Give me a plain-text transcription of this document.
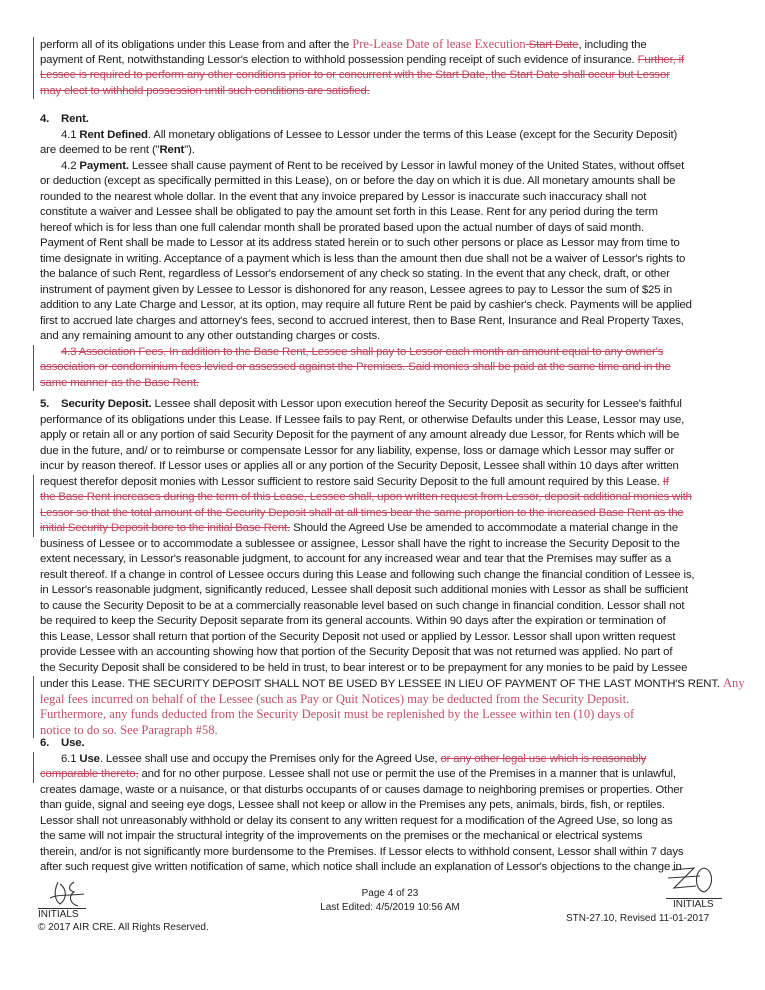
perform all of its obligations under this Lease from and after the Pre-Lease Date of lease Execution Start Date, including the
payment of Rent, notwithstanding Lessor's election to withhold possession pending receipt of such evidence of insurance. Further, if
Lessee is required to perform any other conditions prior to or concurrent with the Start Date, the Start Date shall occur but Lessor
may elect to withhold possession until such conditions are satisfied.
4. Rent.
4.1 Rent Defined. All monetary obligations of Lessee to Lessor under the terms of this Lease (except for the Security Deposit)
are deemed to be rent ("Rent").
4.2 Payment. Lessee shall cause payment of Rent to be received by Lessor in lawful money of the United States, without offset
or deduction (except as specifically permitted in this Lease), on or before the day on which it is due. All monetary amounts shall be
rounded to the nearest whole dollar. In the event that any invoice prepared by Lessor is inaccurate such inaccuracy shall not
constitute a waiver and Lessee shall be obligated to pay the amount set forth in this Lease. Rent for any period during the term
hereof which is for less than one full calendar month shall be prorated based upon the actual number of days of said month.
Payment of Rent shall be made to Lessor at its address stated herein or to such other persons or place as Lessor may from time to
time designate in writing. Acceptance of a payment which is less than the amount then due shall not be a waiver of Lessor's rights to
the balance of such Rent, regardless of Lessor's endorsement of any check so stating. In the event that any check, draft, or other
instrument of payment given by Lessee to Lessor is dishonored for any reason, Lessee agrees to pay to Lessor the sum of $25 in
addition to any Late Charge and Lessor, at its option, may require all future Rent be paid by cashier's check. Payments will be applied
first to accrued late charges and attorney's fees, second to accrued interest, then to Base Rent, Insurance and Real Property Taxes,
and any remaining amount to any other outstanding charges or costs.
4.3 Association Fees. In addition to the Base Rent, Lessee shall pay to Lessor each month an amount equal to any owner's
association or condominium fees levied or assessed against the Premises. Said monies shall be paid at the same time and in the
same manner as the Base Rent.
5. Security Deposit. Lessee shall deposit with Lessor upon execution hereof the Security Deposit as security for Lessee's faithful
performance of its obligations under this Lease. If Lessee fails to pay Rent, or otherwise Defaults under this Lease, Lessor may use,
apply or retain all or any portion of said Security Deposit for the payment of any amount already due Lessor, for Rents which will be
due in the future, and/ or to reimburse or compensate Lessor for any liability, expense, loss or damage which Lessor may suffer or
incur by reason thereof. If Lessor uses or applies all or any portion of the Security Deposit, Lessee shall within 10 days after written
request therefor deposit monies with Lessor sufficient to restore said Security Deposit to the full amount required by this Lease. If
the Base Rent increases during the term of this Lease, Lessee shall, upon written request from Lessor, deposit additional monies with
Lessor so that the total amount of the Security Deposit shall at all times bear the same proportion to the increased Base Rent as the
initial Security Deposit bore to the initial Base Rent. Should the Agreed Use be amended to accommodate a material change in the
business of Lessee or to accommodate a sublessee or assignee, Lessor shall have the right to increase the Security Deposit to the
extent necessary, in Lessor's reasonable judgment, to account for any increased wear and tear that the Premises may suffer as a
result thereof. If a change in control of Lessee occurs during this Lease and following such change the financial condition of Lessee is,
in Lessor's reasonable judgment, significantly reduced, Lessee shall deposit such additional monies with Lessor as shall be sufficient
to cause the Security Deposit to be at a commercially reasonable level based on such change in financial condition. Lessor shall not
be required to keep the Security Deposit separate from its general accounts. Within 90 days after the expiration or termination of
this Lease, Lessor shall return that portion of the Security Deposit not used or applied by Lessor. Lessor shall upon written request
provide Lessee with an accounting showing how that portion of the Security Deposit that was not returned was applied. No part of
the Security Deposit shall be considered to be held in trust, to bear interest or to be prepayment for any monies to be paid by Lessee
under this Lease. THE SECURITY DEPOSIT SHALL NOT BE USED BY LESSEE IN LIEU OF PAYMENT OF THE LAST MONTH'S RENT. Any
legal fees incurred on behalf of the Lessee (such as Pay or Quit Notices) may be deducted from the Security Deposit.
Furthermore, any funds deducted from the Security Deposit must be replenished by the Lessee within ten (10) days of
notice to do so. See Paragraph #58.
6. Use.
6.1 Use. Lessee shall use and occupy the Premises only for the Agreed Use, or any other legal use which is reasonably
comparable thereto, and for no other purpose. Lessee shall not use or permit the use of the Premises in a manner that is unlawful,
creates damage, waste or a nuisance, or that disturbs occupants of or causes damage to neighboring premises or properties. Other
than guide, signal and seeing eye dogs, Lessee shall not keep or allow in the Premises any pets, animals, birds, fish, or reptiles.
Lessor shall not unreasonably withhold or delay its consent to any written request for a modification of the Agreed Use, so long as
the same will not impair the structural integrity of the improvements on the premises or the mechanical or electrical systems
therein, and/or is not significantly more burdensome to the Premises. If Lessor elects to withhold consent, Lessor shall within 7 days
after such request give written notification of same, which notice shall include an explanation of Lessor's objections to the change in
INITIALS
© 2017 AIR CRE. All Rights Reserved.
Page 4 of 23
Last Edited: 4/5/2019 10:56 AM	INITIALS
STN-27.10, Revised 11-01-2017
